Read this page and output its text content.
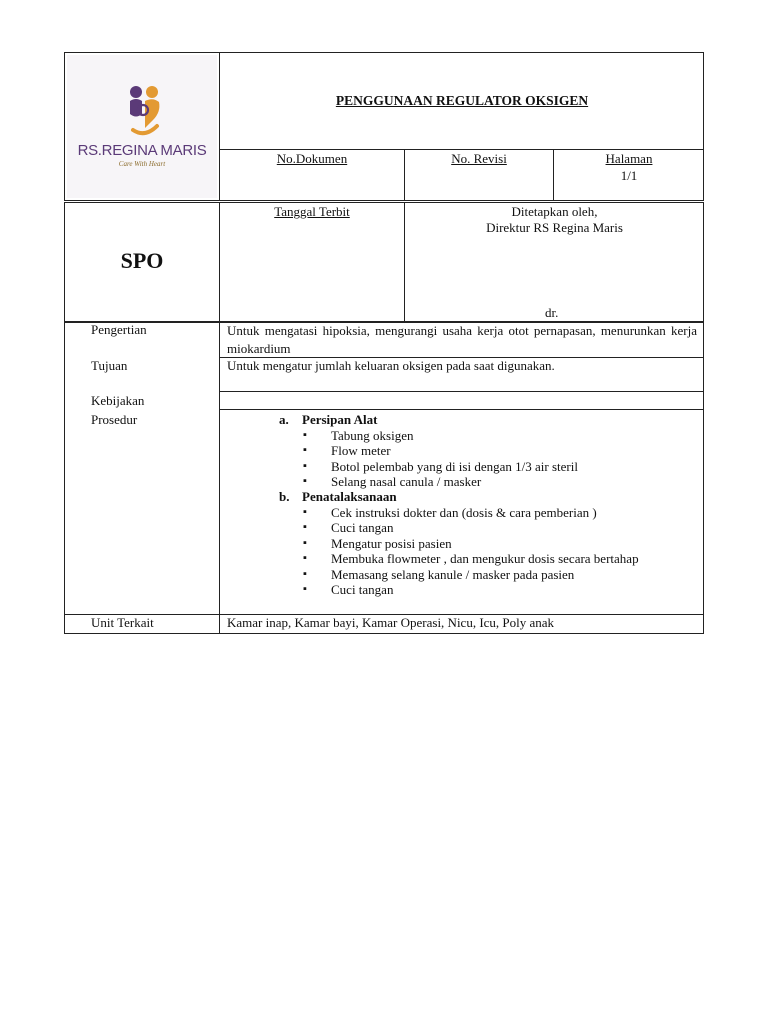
RS.REGINA MARIS
Care With Heart
PENGGUNAAN REGULATOR OKSIGEN
No.Dokumen	No. Revisi	Halaman
1/1
SPO
Tanggal Terbit	Ditetapkan oleh,
Direktur RS Regina Maris
dr.
Pengertian	Untuk mengatasi hipoksia, mengurangi usaha kerja otot pernapasan, menurunkan kerja miokardium
Tujuan	Untuk mengatur jumlah keluaran oksigen pada saat digunakan.
Kebijakan
Prosedur	a. Persipan Alat
▪ Tabung oksigen
▪ Flow meter
▪ Botol pelembab yang di isi dengan 1/3 air steril
▪ Selang nasal canula / masker
b. Penatalaksanaan
▪ Cek instruksi dokter dan (dosis & cara pemberian )
▪ Cuci tangan
▪ Mengatur posisi pasien
▪ Membuka flowmeter , dan mengukur dosis secara bertahap
▪ Memasang selang kanule / masker pada pasien
▪ Cuci tangan
Unit Terkait	Kamar inap, Kamar bayi, Kamar Operasi, Nicu, Icu, Poly anak
